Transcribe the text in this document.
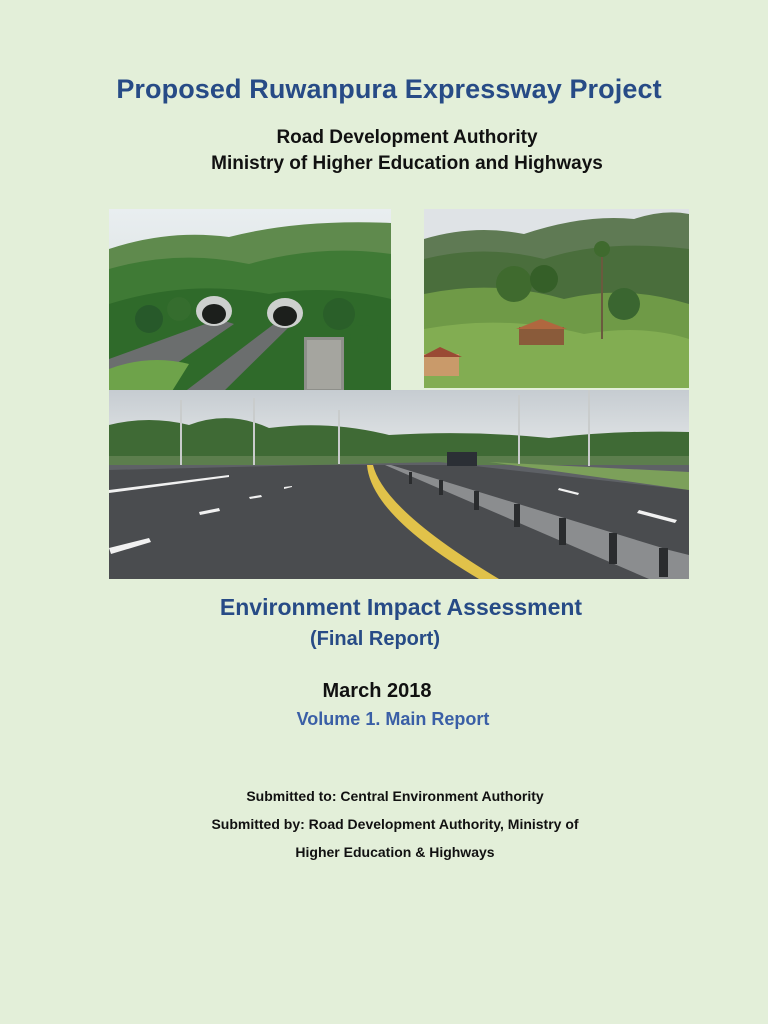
Proposed Ruwanpura Expressway Project
Road Development Authority
Ministry of Higher Education and Highways
Environment Impact Assessment
(Final Report)
March 2018
Volume 1. Main Report
Submitted to: Central Environment Authority
Submitted by: Road Development Authority, Ministry of
Higher Education & Highways
